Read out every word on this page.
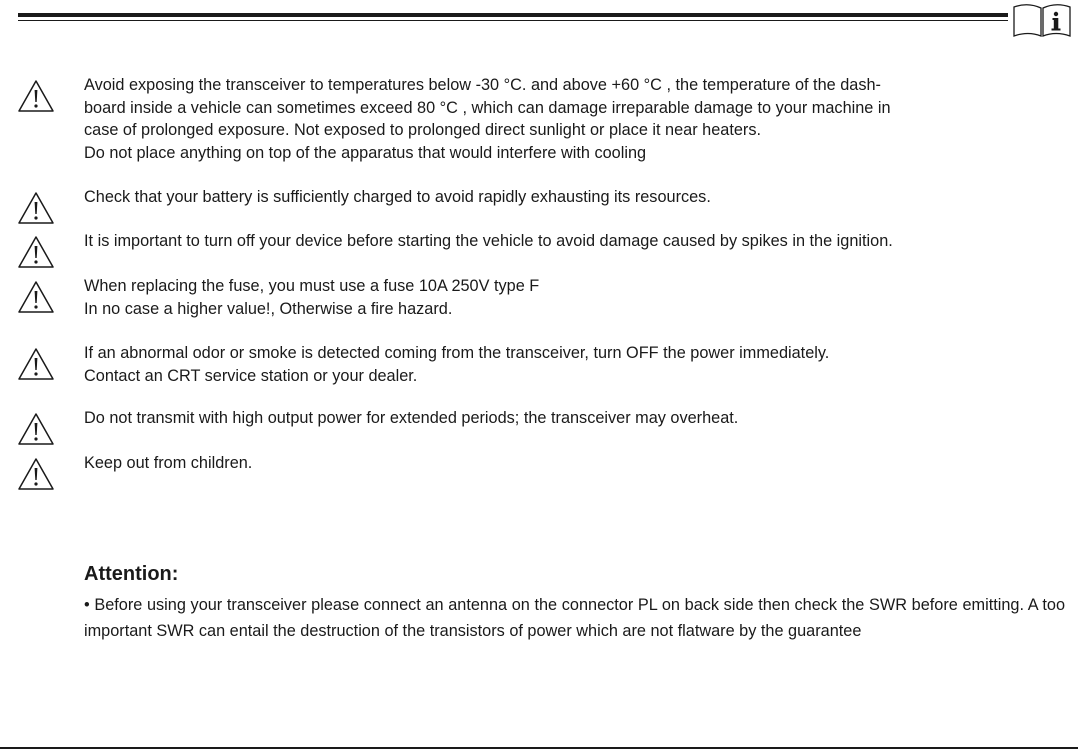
Avoid exposing the transceiver to temperatures below -30 °C. and above +60 °C , the temperature of the dash-
board inside a vehicle can sometimes exceed 80 °C , which can damage irreparable damage to your machine in
case of prolonged exposure. Not exposed to prolonged direct sunlight or place it near heaters.
Do not place anything on top of the apparatus that would interfere with cooling

Check that your battery is sufficiently charged to avoid rapidly exhausting its resources.

It is important to turn off your device before starting the vehicle to avoid damage caused by spikes in the ignition.

When replacing the fuse, you must use a fuse 10A 250V type F
In no case a higher value!, Otherwise a fire hazard.

If an abnormal odor or smoke is detected coming from the transceiver, turn OFF the power immediately.
Contact an CRT service station or your dealer.

Do not transmit with high output power for extended periods; the transceiver may overheat.

Keep out from children.

Attention:

• Before using your transceiver please connect an antenna on the connector PL on back side then check the SWR before emitting. A too important SWR can entail the destruction of the transistors of power which are not flatware by the guarantee
